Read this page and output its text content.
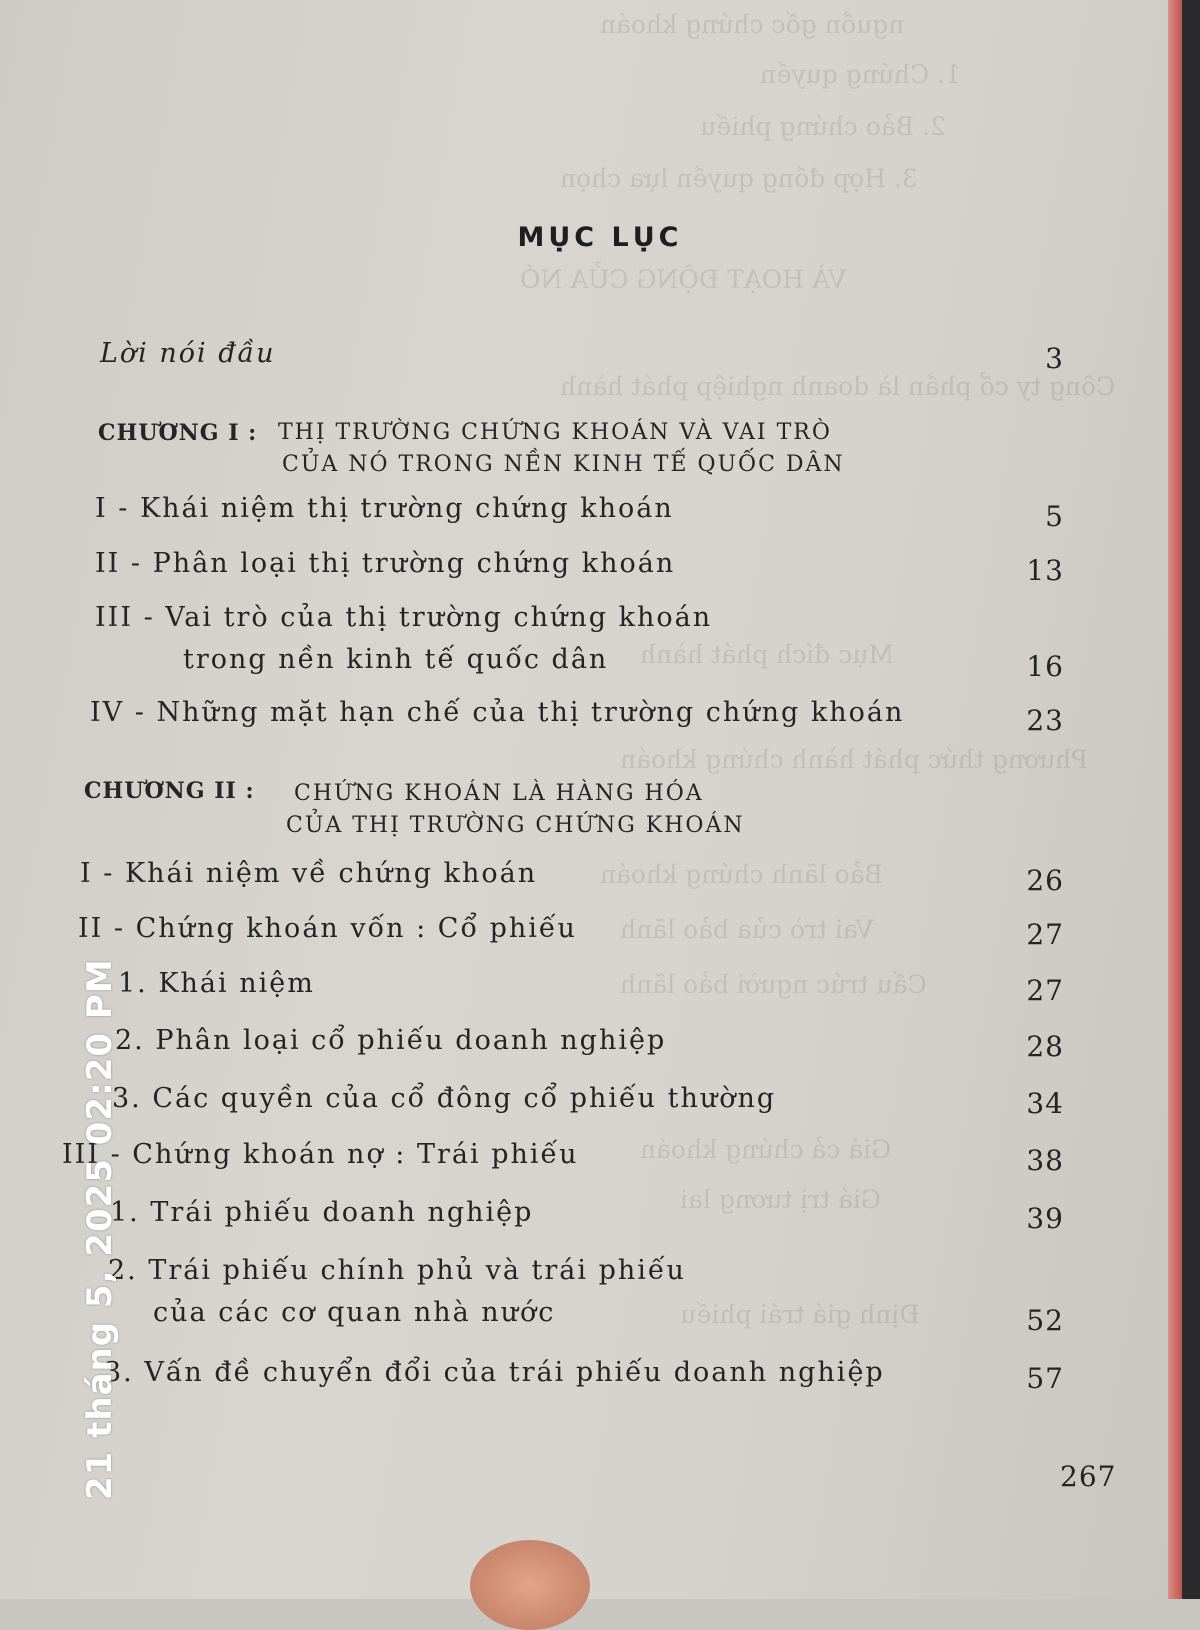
nguồn gốc chứng khoán
1. Chứng quyền
2. Bảo chứng phiếu
3. Hợp đồng quyền lựa chọn
VÀ HOẠT ĐỘNG CỦA NÓ
Công ty cổ phần là doanh nghiệp phát hành
Mục đích phát hành
Phương thức phát hành chứng khoán
Bảo lãnh chứng khoán
Vai trò của bảo lãnh
Cấu trúc người bảo lãnh
Giá cả chứng khoán
Giá trị tương lai
Định giá trái phiếu
MỤC LỤC
Lời nói đầu	3
CHƯƠNG I : THỊ TRƯỜNG CHỨNG KHOÁN VÀ VAI TRÒ
CỦA NÓ TRONG NỀN KINH TẾ QUỐC DÂN
I - Khái niệm thị trường chứng khoán	5
II - Phân loại thị trường chứng khoán	13
III - Vai trò của thị trường chứng khoán
trong nền kinh tế quốc dân	16
IV - Những mặt hạn chế của thị trường chứng khoán	23
CHƯƠNG II : CHỨNG KHOÁN LÀ HÀNG HÓA
CỦA THỊ TRƯỜNG CHỨNG KHOÁN
I - Khái niệm về chứng khoán	26
II - Chứng khoán vốn : Cổ phiếu	27
1. Khái niệm	27
2. Phân loại cổ phiếu doanh nghiệp	28
3. Các quyền của cổ đông cổ phiếu thường	34
III - Chứng khoán nợ : Trái phiếu	38
1. Trái phiếu doanh nghiệp	39
2. Trái phiếu chính phủ và trái phiếu
của các cơ quan nhà nước	52
3. Vấn đề chuyển đổi của trái phiếu doanh nghiệp	57
267
21 tháng 5, 2025 02:20 PM
